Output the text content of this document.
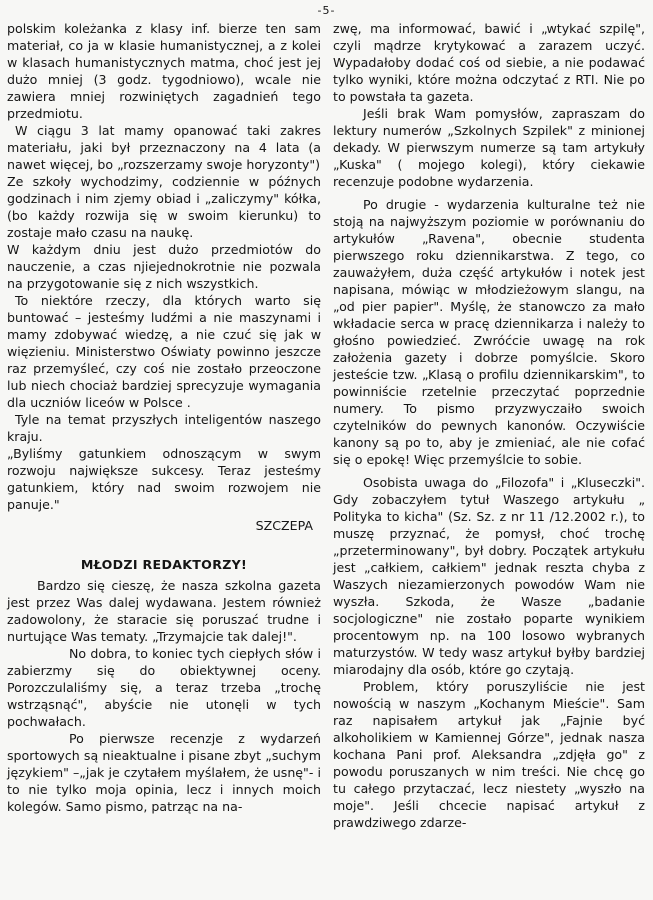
-5-

polskim koleżanka z klasy inf. bierze ten sam materiał, co ja w klasie humanistycznej, a z kolei w klasach humanistycznych matma, choć jest jej dużo mniej (3 godz. tygodniowo), wcale nie zawiera mniej rozwiniętych zagadnień tego przedmiotu.

W ciągu 3 lat mamy opanować taki zakres materiału, jaki był przeznaczony na 4 lata (a nawet więcej, bo „rozszerzamy swoje horyzonty")

Ze szkoły wychodzimy, codziennie w późnych godzinach i nim zjemy obiad i „zaliczymy" kółka, (bo każdy rozwija się w swoim kierunku) to zostaje mało czasu na naukę.

W każdym dniu jest dużo przedmiotów do nauczenie, a czas njiejednokrotnie nie pozwala na przygotowanie się z nich wszystkich.

To niektóre rzeczy, dla których warto się buntować – jesteśmy ludźmi a nie maszynami i mamy zdobywać wiedzę, a nie czuć się jak w więzieniu. Ministerstwo Oświaty powinno jeszcze raz przemyśleć, czy coś nie zostało przeoczone lub niech chociaż bardziej sprecyzuje wymagania dla uczniów liceów w Polsce .

Tyle na temat przyszłych inteligentów naszego kraju.

„Byliśmy gatunkiem odnoszącym w swym rozwoju największe sukcesy. Teraz jesteśmy gatunkiem, który nad swoim rozwojem nie panuje."

SZCZEPA

MŁODZI REDAKTORZY!

Bardzo się cieszę, że nasza szkolna gazeta jest przez Was dalej wydawana. Jestem również zadowolony, że staracie się poruszać trudne i nurtujące Was tematy. „Trzymajcie tak dalej!".

No dobra, to koniec tych ciepłych słów i zabierzmy się do obiektywnej oceny. Porozczulaliśmy się, a teraz trzeba „trochę wstrząsnąć", abyście nie utonęli w tych pochwałach.

Po pierwsze recenzje z wydarzeń sportowych są nieaktualne i pisane zbyt „suchym językiem" –„jak je czytałem myślałem, że usnę"- i to nie tylko moja opinia, lecz i innych moich kolegów. Samo pismo, patrząc na na-

zwę, ma informować, bawić i „wtykać szpilę", czyli mądrze krytykować a zarazem uczyć. Wypadałoby dodać coś od siebie, a nie podawać tylko wyniki, które można odczytać z RTI. Nie po to powstała ta gazeta.

Jeśli brak Wam pomysłów, zapraszam do lektury numerów „Szkolnych Szpilek" z minionej dekady. W pierwszym numerze są tam artykuły „Kuska" ( mojego kolegi), który ciekawie recenzuje podobne wydarzenia.

Po drugie - wydarzenia kulturalne też nie stoją na najwyższym poziomie w porównaniu do artykułów „Ravena", obecnie studenta pierwszego roku dziennikarstwa. Z tego, co zauważyłem, duża część artykułów i notek jest napisana, mówiąc w młodzieżowym slangu, na „od pier papier". Myślę, że stanowczo za mało wkładacie serca w pracę dziennikarza i należy to głośno powiedzieć. Zwróćcie uwagę na rok założenia gazety i dobrze pomyślcie. Skoro jesteście tzw. „Klasą o profilu dziennikarskim", to powinniście rzetelnie przeczytać poprzednie numery. To pismo przyzwyczaiło swoich czytelników do pewnych kanonów. Oczywiście kanony są po to, aby je zmieniać, ale nie cofać się o epokę! Więc przemyślcie to sobie.

Osobista uwaga do „Filozofa" i „Kluseczki". Gdy zobaczyłem tytuł Waszego artykułu „ Polityka to kicha" (Sz. Sz. z nr 11 /12.2002 r.), to muszę przyznać, że pomysł, choć trochę „przeterminowany", był dobry. Początek artykułu jest „całkiem, całkiem" jednak reszta chyba z Waszych niezamierzonych powodów Wam nie wyszła. Szkoda, że Wasze „badanie socjologiczne" nie zostało poparte wynikiem procentowym np. na 100 losowo wybranych maturzystów. W tedy wasz artykuł byłby bardziej miarodajny dla osób, które go czytają.

Problem, który poruszyliście nie jest nowością w naszym „Kochanym Mieście". Sam raz napisałem artykuł jak „Fajnie być alkoholikiem w Kamiennej Górze", jednak nasza kochana Pani prof. Aleksandra „zdjęła go" z powodu poruszanych w nim treści. Nie chcę go tu całego przytaczać, lecz niestety „wyszło na moje". Jeśli chcecie napisać artykuł z prawdziwego zdarze-
